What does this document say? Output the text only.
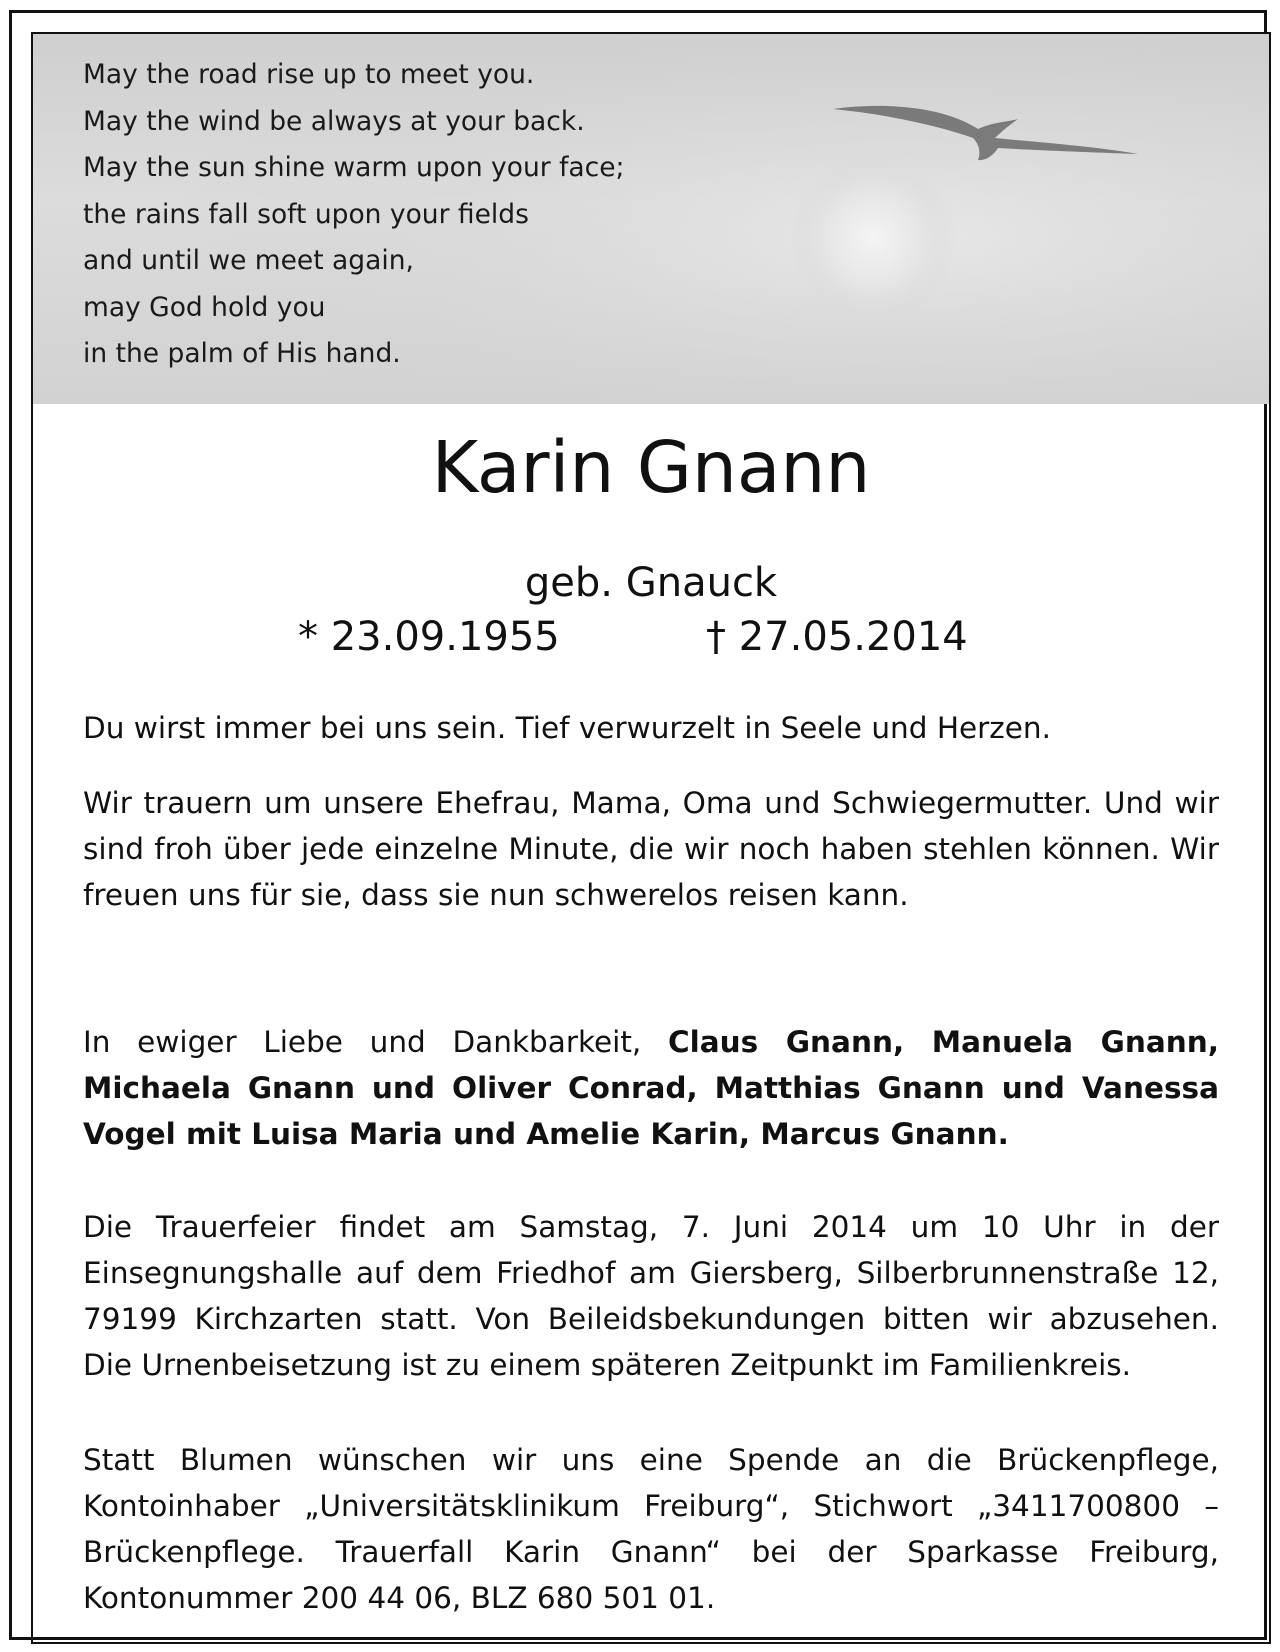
May the road rise up to meet you.
May the wind be always at your back.
May the sun shine warm upon your face;
the rains fall soft upon your fields
and until we meet again,
may God hold you
in the palm of His hand.
Karin Gnann
geb. Gnauck
* 23.09.1955	† 27.05.2014

Du wirst immer bei uns sein. Tief verwurzelt in Seele und Herzen.

Wir trauern um unsere Ehefrau, Mama, Oma und Schwiegermutter. Und wir sind froh über jede einzelne Minute, die wir noch haben stehlen können. Wir freuen uns für sie, dass sie nun schwerelos reisen kann.

In ewiger Liebe und Dankbarkeit, Claus Gnann, Manuela Gnann, Michaela Gnann und Oliver Conrad, Matthias Gnann und Vanessa Vogel mit Luisa Maria und Amelie Karin, Marcus Gnann.

Die Trauerfeier findet am Samstag, 7. Juni 2014 um 10 Uhr in der Einsegnungshalle auf dem Friedhof am Giersberg, Silberbrunnenstraße 12, 79199 Kirchzarten statt. Von Beileidsbekundungen bitten wir abzusehen. Die Urnenbeisetzung ist zu einem späteren Zeitpunkt im Familienkreis.

Statt Blumen wünschen wir uns eine Spende an die Brückenpflege, Kontoinhaber „Universitätsklinikum Freiburg“, Stichwort „3411700800 – Brückenpflege. Trauerfall Karin Gnann“ bei der Sparkasse Freiburg, Kontonummer 200 44 06, BLZ 680 501 01.
